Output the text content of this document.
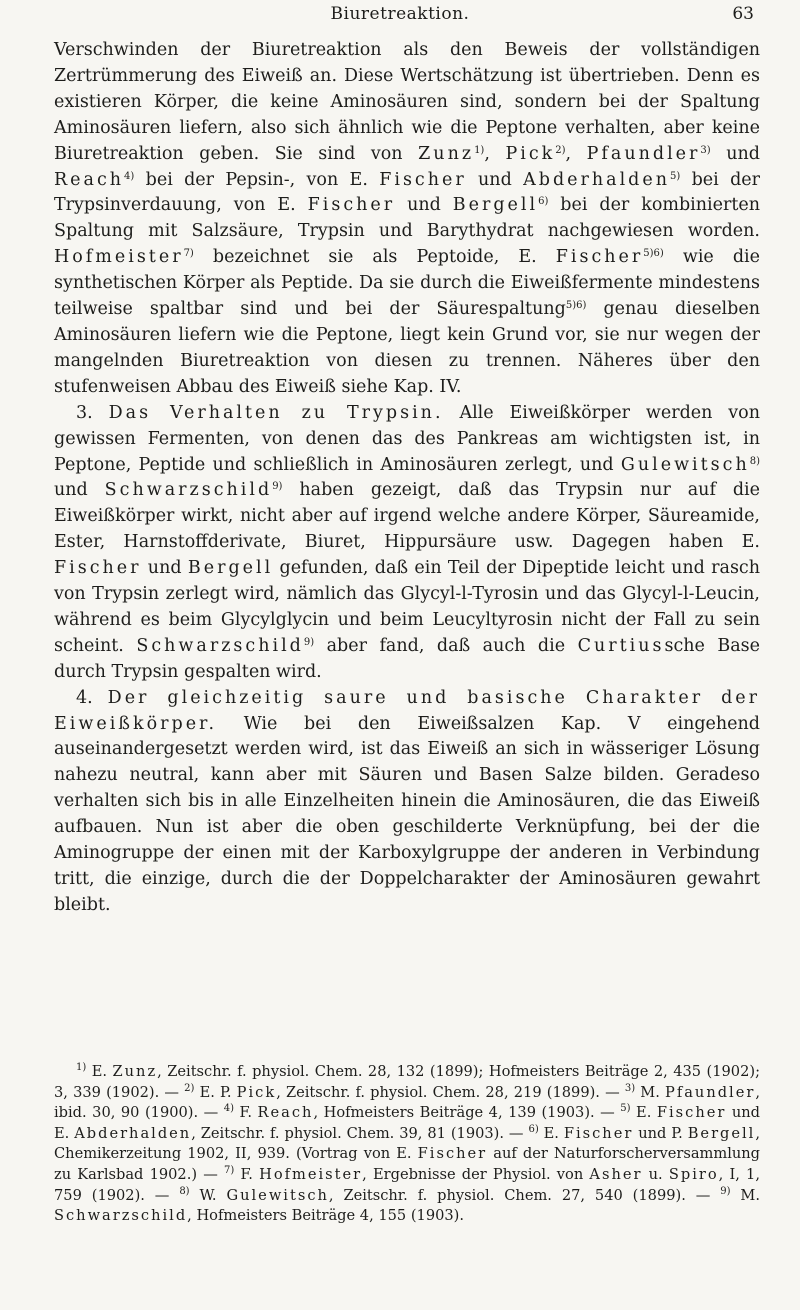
Biuretreaktion.	63

Verschwinden der Biuretreaktion als den Beweis der vollständigen Zertrümmerung des Eiweiß an. Diese Wertschätzung ist übertrieben. Denn es existieren Körper, die keine Aminosäuren sind, sondern bei der Spaltung Aminosäuren liefern, also sich ähnlich wie die Peptone verhalten, aber keine Biuretreaktion geben. Sie sind von Zunz$^{1)}$, Pick$^{2)}$, Pfaundler$^{3)}$ und Reach$^{4)}$ bei der Pepsin-, von E. Fischer und Abderhalden$^{5)}$ bei der Trypsinverdauung, von E. Fischer und Bergell$^{6)}$ bei der kombinierten Spaltung mit Salzsäure, Trypsin und Barythydrat nachgewiesen worden. Hofmeister$^{7)}$ bezeichnet sie als Peptoide, E. Fischer$^{5)6)}$ wie die synthetischen Körper als Peptide. Da sie durch die Eiweißfermente mindestens teilweise spaltbar sind und bei der Säurespaltung$^{5)6)}$ genau dieselben Aminosäuren liefern wie die Peptone, liegt kein Grund vor, sie nur wegen der mangelnden Biuretreaktion von diesen zu trennen. Näheres über den stufenweisen Abbau des Eiweiß siehe Kap. IV.

3. Das Verhalten zu Trypsin. Alle Eiweißkörper werden von gewissen Fermenten, von denen das des Pankreas am wichtigsten ist, in Peptone, Peptide und schließlich in Aminosäuren zerlegt, und Gulewitsch$^{8)}$ und Schwarzschild$^{9)}$ haben gezeigt, daß das Trypsin nur auf die Eiweißkörper wirkt, nicht aber auf irgend welche andere Körper, Säureamide, Ester, Harnstoffderivate, Biuret, Hippursäure usw. Dagegen haben E. Fischer und Bergell gefunden, daß ein Teil der Dipeptide leicht und rasch von Trypsin zerlegt wird, nämlich das Glycyl-l-Tyrosin und das Glycyl-l-Leucin, während es beim Glycylglycin und beim Leucyltyrosin nicht der Fall zu sein scheint. Schwarzschild$^{9)}$ aber fand, daß auch die Curtiussche Base durch Trypsin gespalten wird.

4. Der gleichzeitig saure und basische Charakter der Eiweißkörper. Wie bei den Eiweißsalzen Kap. V eingehend auseinandergesetzt werden wird, ist das Eiweiß an sich in wässeriger Lösung nahezu neutral, kann aber mit Säuren und Basen Salze bilden. Geradeso verhalten sich bis in alle Einzelheiten hinein die Aminosäuren, die das Eiweiß aufbauen. Nun ist aber die oben geschilderte Verknüpfung, bei der die Aminogruppe der einen mit der Karboxylgruppe der anderen in Verbindung tritt, die einzige, durch die der Doppelcharakter der Aminosäuren gewahrt bleibt.

$^{1)}$ E. Zunz, Zeitschr. f. physiol. Chem. 28, 132 (1899); Hofmeisters Beiträge 2, 435 (1902); 3, 339 (1902). — $^{2)}$ E. P. Pick, Zeitschr. f. physiol. Chem. 28, 219 (1899). — $^{3)}$ M. Pfaundler, ibid. 30, 90 (1900). — $^{4)}$ F. Reach, Hofmeisters Beiträge 4, 139 (1903). — $^{5)}$ E. Fischer und E. Abderhalden, Zeitschr. f. physiol. Chem. 39, 81 (1903). — $^{6)}$ E. Fischer und P. Bergell, Chemikerzeitung 1902, II, 939. (Vortrag von E. Fischer auf der Naturforscherversammlung zu Karlsbad 1902.) — $^{7)}$ F. Hofmeister, Ergebnisse der Physiol. von Asher u. Spiro, I, 1, 759 (1902). — $^{8)}$ W. Gulewitsch, Zeitschr. f. physiol. Chem. 27, 540 (1899). — $^{9)}$ M. Schwarzschild, Hofmeisters Beiträge 4, 155 (1903).
